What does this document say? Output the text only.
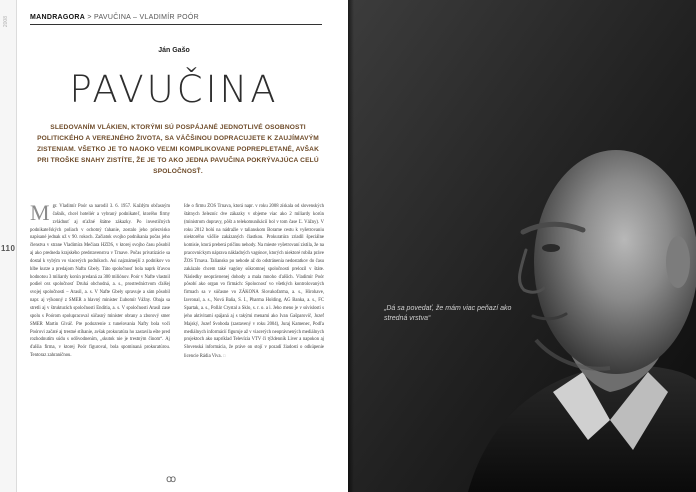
2008
110
MANDRAGORA > PAVUČINA – VLADIMÍR POÓR
Ján Gašo
PAVUČINA
SLEDOVANÍM VLÁKIEN, KTORÝMI SÚ POSPÁJANÉ JEDNOTLIVÉ OSOBNOSTI POLITICKÉHO A VEREJNÉHO ŽIVOTA, SA VÄČŠINOU DOPRACUJETE K ZAUJÍMAVÝM ZISTENIAM. VŠETKO JE TO NAOKO VEĽMI KOMPLIKOVANE POPREPLETANÉ, AVŠAK PRI TROŠKE SNAHY ZISTÍTE, ŽE JE TO AKO JEDNA PAVUČINA POKRÝVAJÚCA CELÚ SPOLOČNOSŤ.
M gr. Vladimír Poór sa narodil 3. 6. 1957. Každým občasným čašník, chcel hoteliér a vybraný podnikateľ, ktorého firmy zvládnuť aj sťažné štátne zákazky. Po investičných podnikateľských poliach v ochotný ťahanie, zostalo jeho priezvisko napísané jednak už v 90. rokoch. Začiatok svojho podnikania počas jeho členstva v strane Vladimíra Mečiara HZDS, v ktorej svojho času pôsobil aj ako predseda krajského predstavenstva v Trnave. Počas privatizácie sa dostal k vybým vo viacerých podnikoch. Asi najznámejší z podnikov vo hlbe kurze a predajom Naftu Gbely. Táto spoločnosť bola naprk šťavou hodnotou 3 miliardy korún predaná za 300 miliónov. Poór v Nafte vlastnil podiel cez spoločnosť Druhá obchodná, a. s., prostredníctvom ďalšej svojej spoločnosti – Arasil, a. s. V Nafte Gbely spravuje a sám pôsobil napr. aj výkonný z SMER a hlavný minister Ľubomír Vážny. Obaja sa stretli aj v štrukturách spoločnosti Enditia, a. s. V spoločnosti Arasil zase spolu s Poórom spolupracoval súčasný minister obrany a zborový smer SMER Martin Glváč. Pre podozrenie z tunelovania Nafty bola voči Poórovi začaté aj trestné stíhanie, avšak prokuratúra ho zastavila ešte pred rozhodnutím súdu s odôvodnením, „skutok nie je trestným činom“. Aj ďalšia firma, v ktorej Poór figuroval, bola spominaná prokuratúrou. Tentoraz zahraničnou.
Ide o firmu ŽOS Trnava, ktorá napr. v roku 2008 získala od slovenských štátnych železníc dve zákazky v objeme viac ako 2 miliardy korún (ministrom dopravy, pôšt a telekomunikácií bol v tom čase Ľ. Vážny). V roku 2012 bolú na nádražie v talianskom Borame cestu k vyšetrovaniu niektorého väčšie zakázaných čiastkou. Prokuratúra zriadil špeciálne komisie, ktorá preberá príčinu nehody. Na mieste vyšetrovaní zistila, že na pracovníckym náprava nákladných vagónov, ktorých niektoré robila práve ŽOS Trnava. Taliansko po nehode až do odstránenia nedostatkov do času zakázalo chcem také vagóny súkromnej spoločnosti prelozil v štáte. Následky neoprávnenej dohody a mala mnoho ďalších. Vladimír Poór pôsobí ako organ vo firmách: Spolocnosť vo všetkých kontrolovaných firmach sa v súčasne vo ZÁKONA Slovakofarma, a. s., Hirohave, Iavronal, a. s., Nová Baňa, S. I., Pharma Holding, AG Banka, a. s., FC Spartak, a. s., Pollár Crystal a Sklo, s. r. o. a i. Jeho meno je v súvislosti s jeho aktivitami spájaná aj s takými menami ako Ivan Gašparovič, Jozef Majský, Jozef Svoboda (zastavený v roku 2004), Juraj Kamenec, Podľa mediálnych informácií figuruje až v viacerých neoprávnených mediálnych projektoch ako napríklad Televízia VTV či týždenník Liver a napokon aj Slovenská informácia, že práve on stojí v pozadí žiadosti o odkúpenie licencie Rádia Viva. □
ꝏ
„Dá sa povedať, že mám viac peňazí ako stredná vrstva“
